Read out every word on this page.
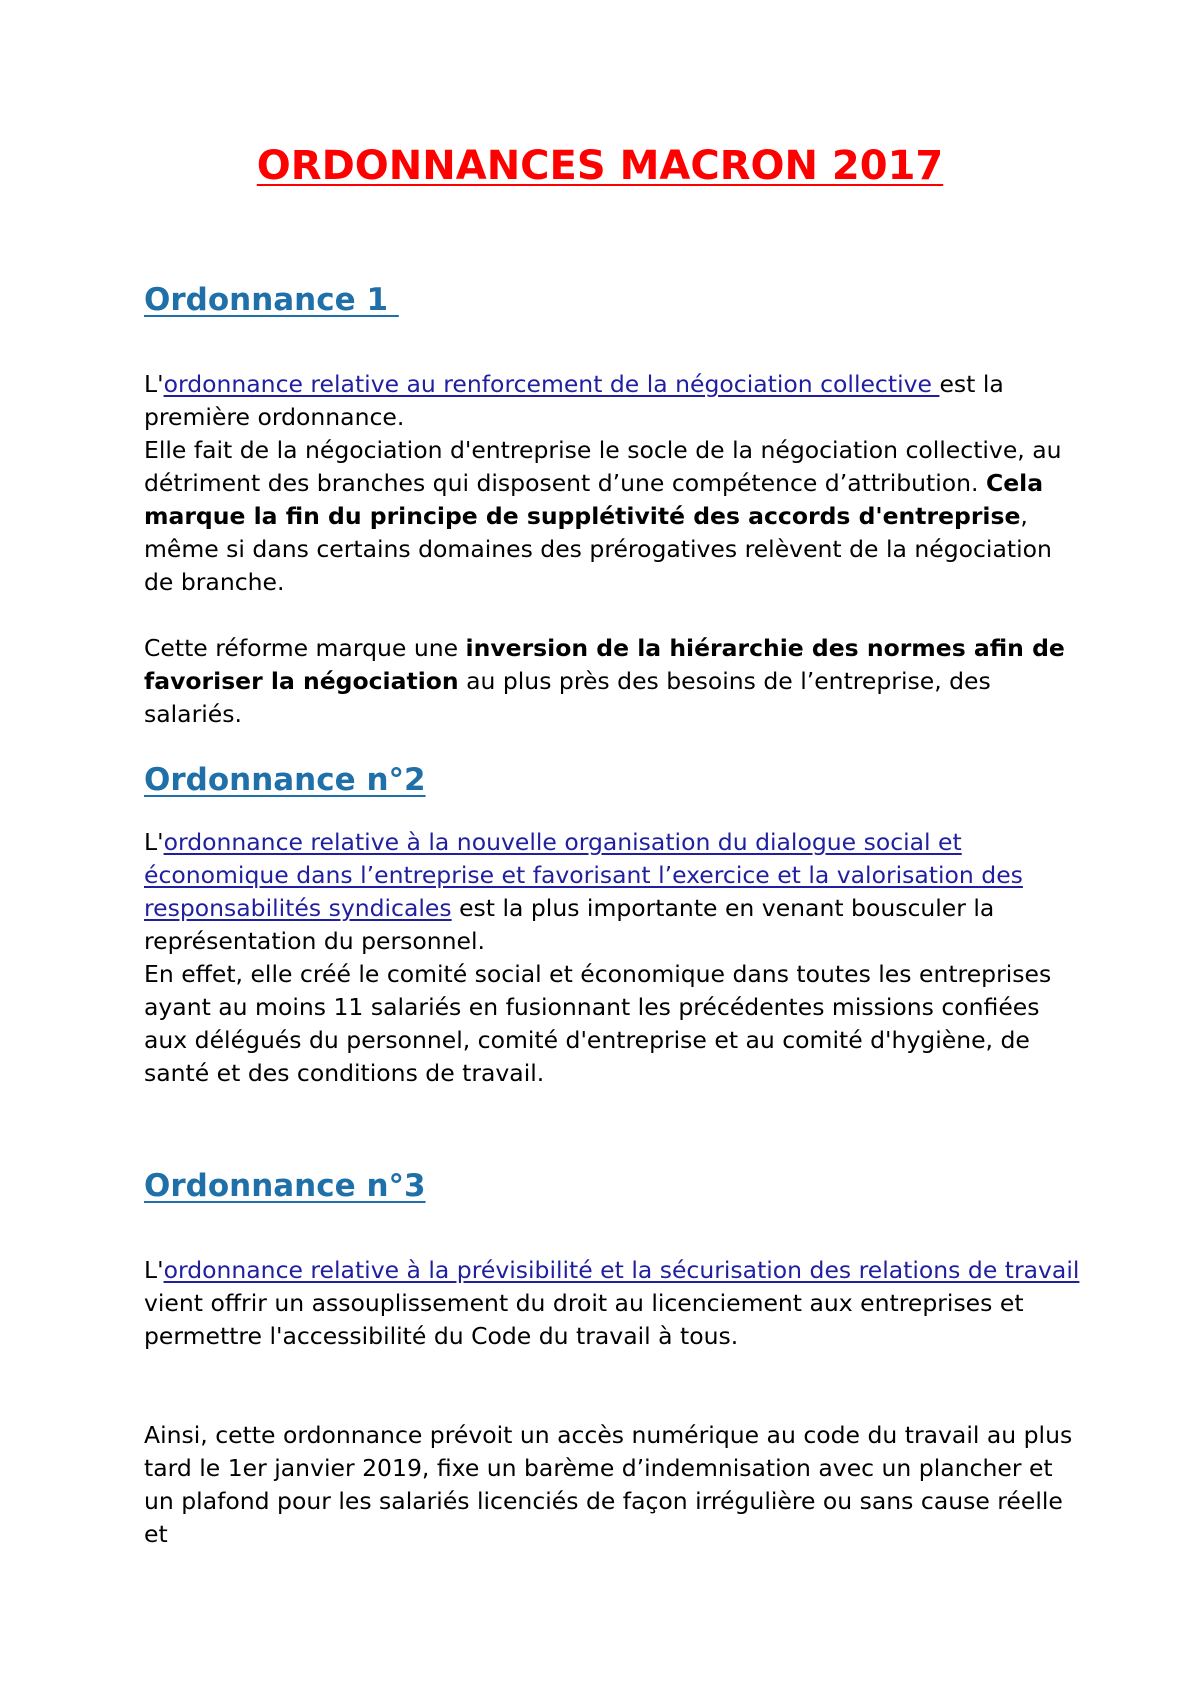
ORDONNANCES MACRON 2017
Ordonnance 1

L'ordonnance relative au renforcement de la négociation collective est la première ordonnance.

Elle fait de la négociation d'entreprise le socle de la négociation collective, au détriment des branches qui disposent d’une compétence d’attribution. Cela marque la fin du principe de supplétivité des accords d'entreprise, même si dans certains domaines des prérogatives relèvent de la négociation de branche.

Cette réforme marque une inversion de la hiérarchie des normes afin de favoriser la négociation au plus près des besoins de l’entreprise, des salariés.

Ordonnance n°2

L'ordonnance relative à la nouvelle organisation du dialogue social et économique dans l’entreprise et favorisant l’exercice et la valorisation des responsabilités syndicales est la plus importante en venant bousculer la représentation du personnel.

En effet, elle créé le comité social et économique dans toutes les entreprises ayant au moins 11 salariés en fusionnant les précédentes missions confiées aux délégués du personnel, comité d'entreprise et au comité d'hygiène, de santé et des conditions de travail.

Ordonnance n°3

L'ordonnance relative à la prévisibilité et la sécurisation des relations de travail vient offrir un assouplissement du droit au licenciement aux entreprises et permettre l'accessibilité du Code du travail à tous.

Ainsi, cette ordonnance prévoit un accès numérique au code du travail au plus tard le 1er janvier 2019, fixe un barème d’indemnisation avec un plancher et un plafond pour les salariés licenciés de façon irrégulière ou sans cause réelle et
